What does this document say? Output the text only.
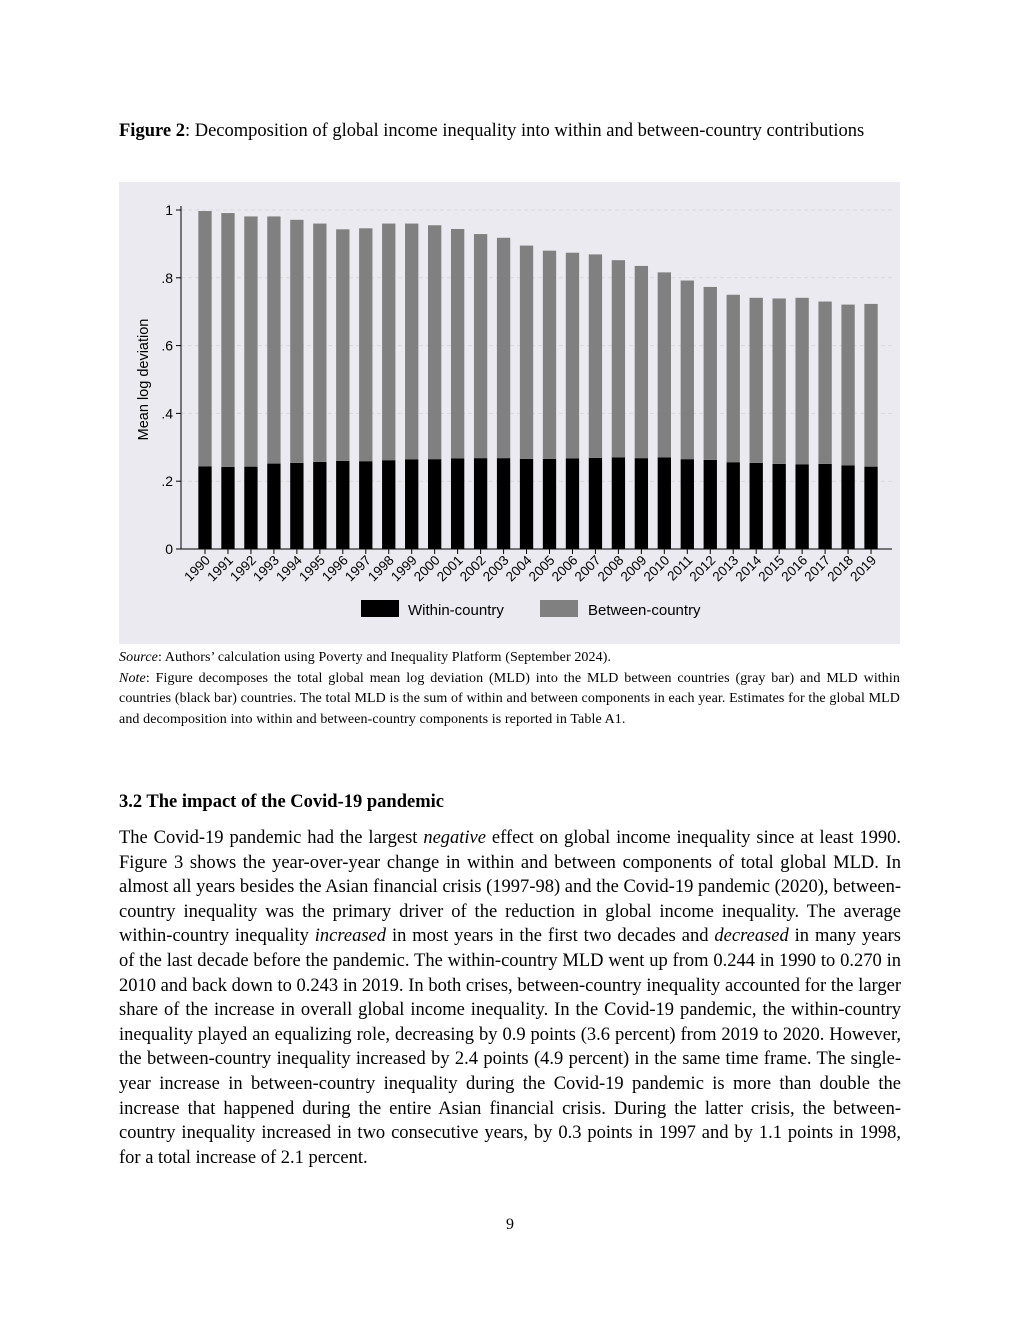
Figure 2: Decomposition of global income inequality into within and between-country contributions
0
.2
.4
.6
.8
1
Mean log deviation
1990
1991
1992
1993
1994
1995
1996
1997
1998
1999
2000
2001
2002
2003
2004
2005
2006
2007
2008
2009
2010
2011
2012
2013
2014
2015
2016
2017
2018
2019
Within-country	Between-country

Source: Authors’ calculation using Poverty and Inequality Platform (September 2024).

Note: Figure decomposes the total global mean log deviation (MLD) into the MLD between countries (gray bar) and MLD within countries (black bar) countries. The total MLD is the sum of within and between components in each year. Estimates for the global MLD and decomposition into within and between-country components is reported in Table A1.

3.2 The impact of the Covid-19 pandemic

The Covid-19 pandemic had the largest negative effect on global income inequality since at least 1990. Figure 3 shows the year-over-year change in within and between components of total global MLD. In almost all years besides the Asian financial crisis (1997-98) and the Covid-19 pandemic (2020), between-country inequality was the primary driver of the reduction in global income inequality. The average within-country inequality increased in most years in the first two decades and decreased in many years of the last decade before the pandemic. The within-country MLD went up from 0.244 in 1990 to 0.270 in 2010 and back down to 0.243 in 2019. In both crises, between-country inequality accounted for the larger share of the increase in overall global income inequality. In the Covid-19 pandemic, the within-country inequality played an equalizing role, decreasing by 0.9 points (3.6 percent) from 2019 to 2020. However, the between-country inequality increased by 2.4 points (4.9 percent) in the same time frame. The single-year increase in between-country inequality during the Covid-19 pandemic is more than double the increase that happened during the entire Asian financial crisis. During the latter crisis, the between-country inequality increased in two consecutive years, by 0.3 points in 1997 and by 1.1 points in 1998, for a total increase of 2.1 percent.

9
